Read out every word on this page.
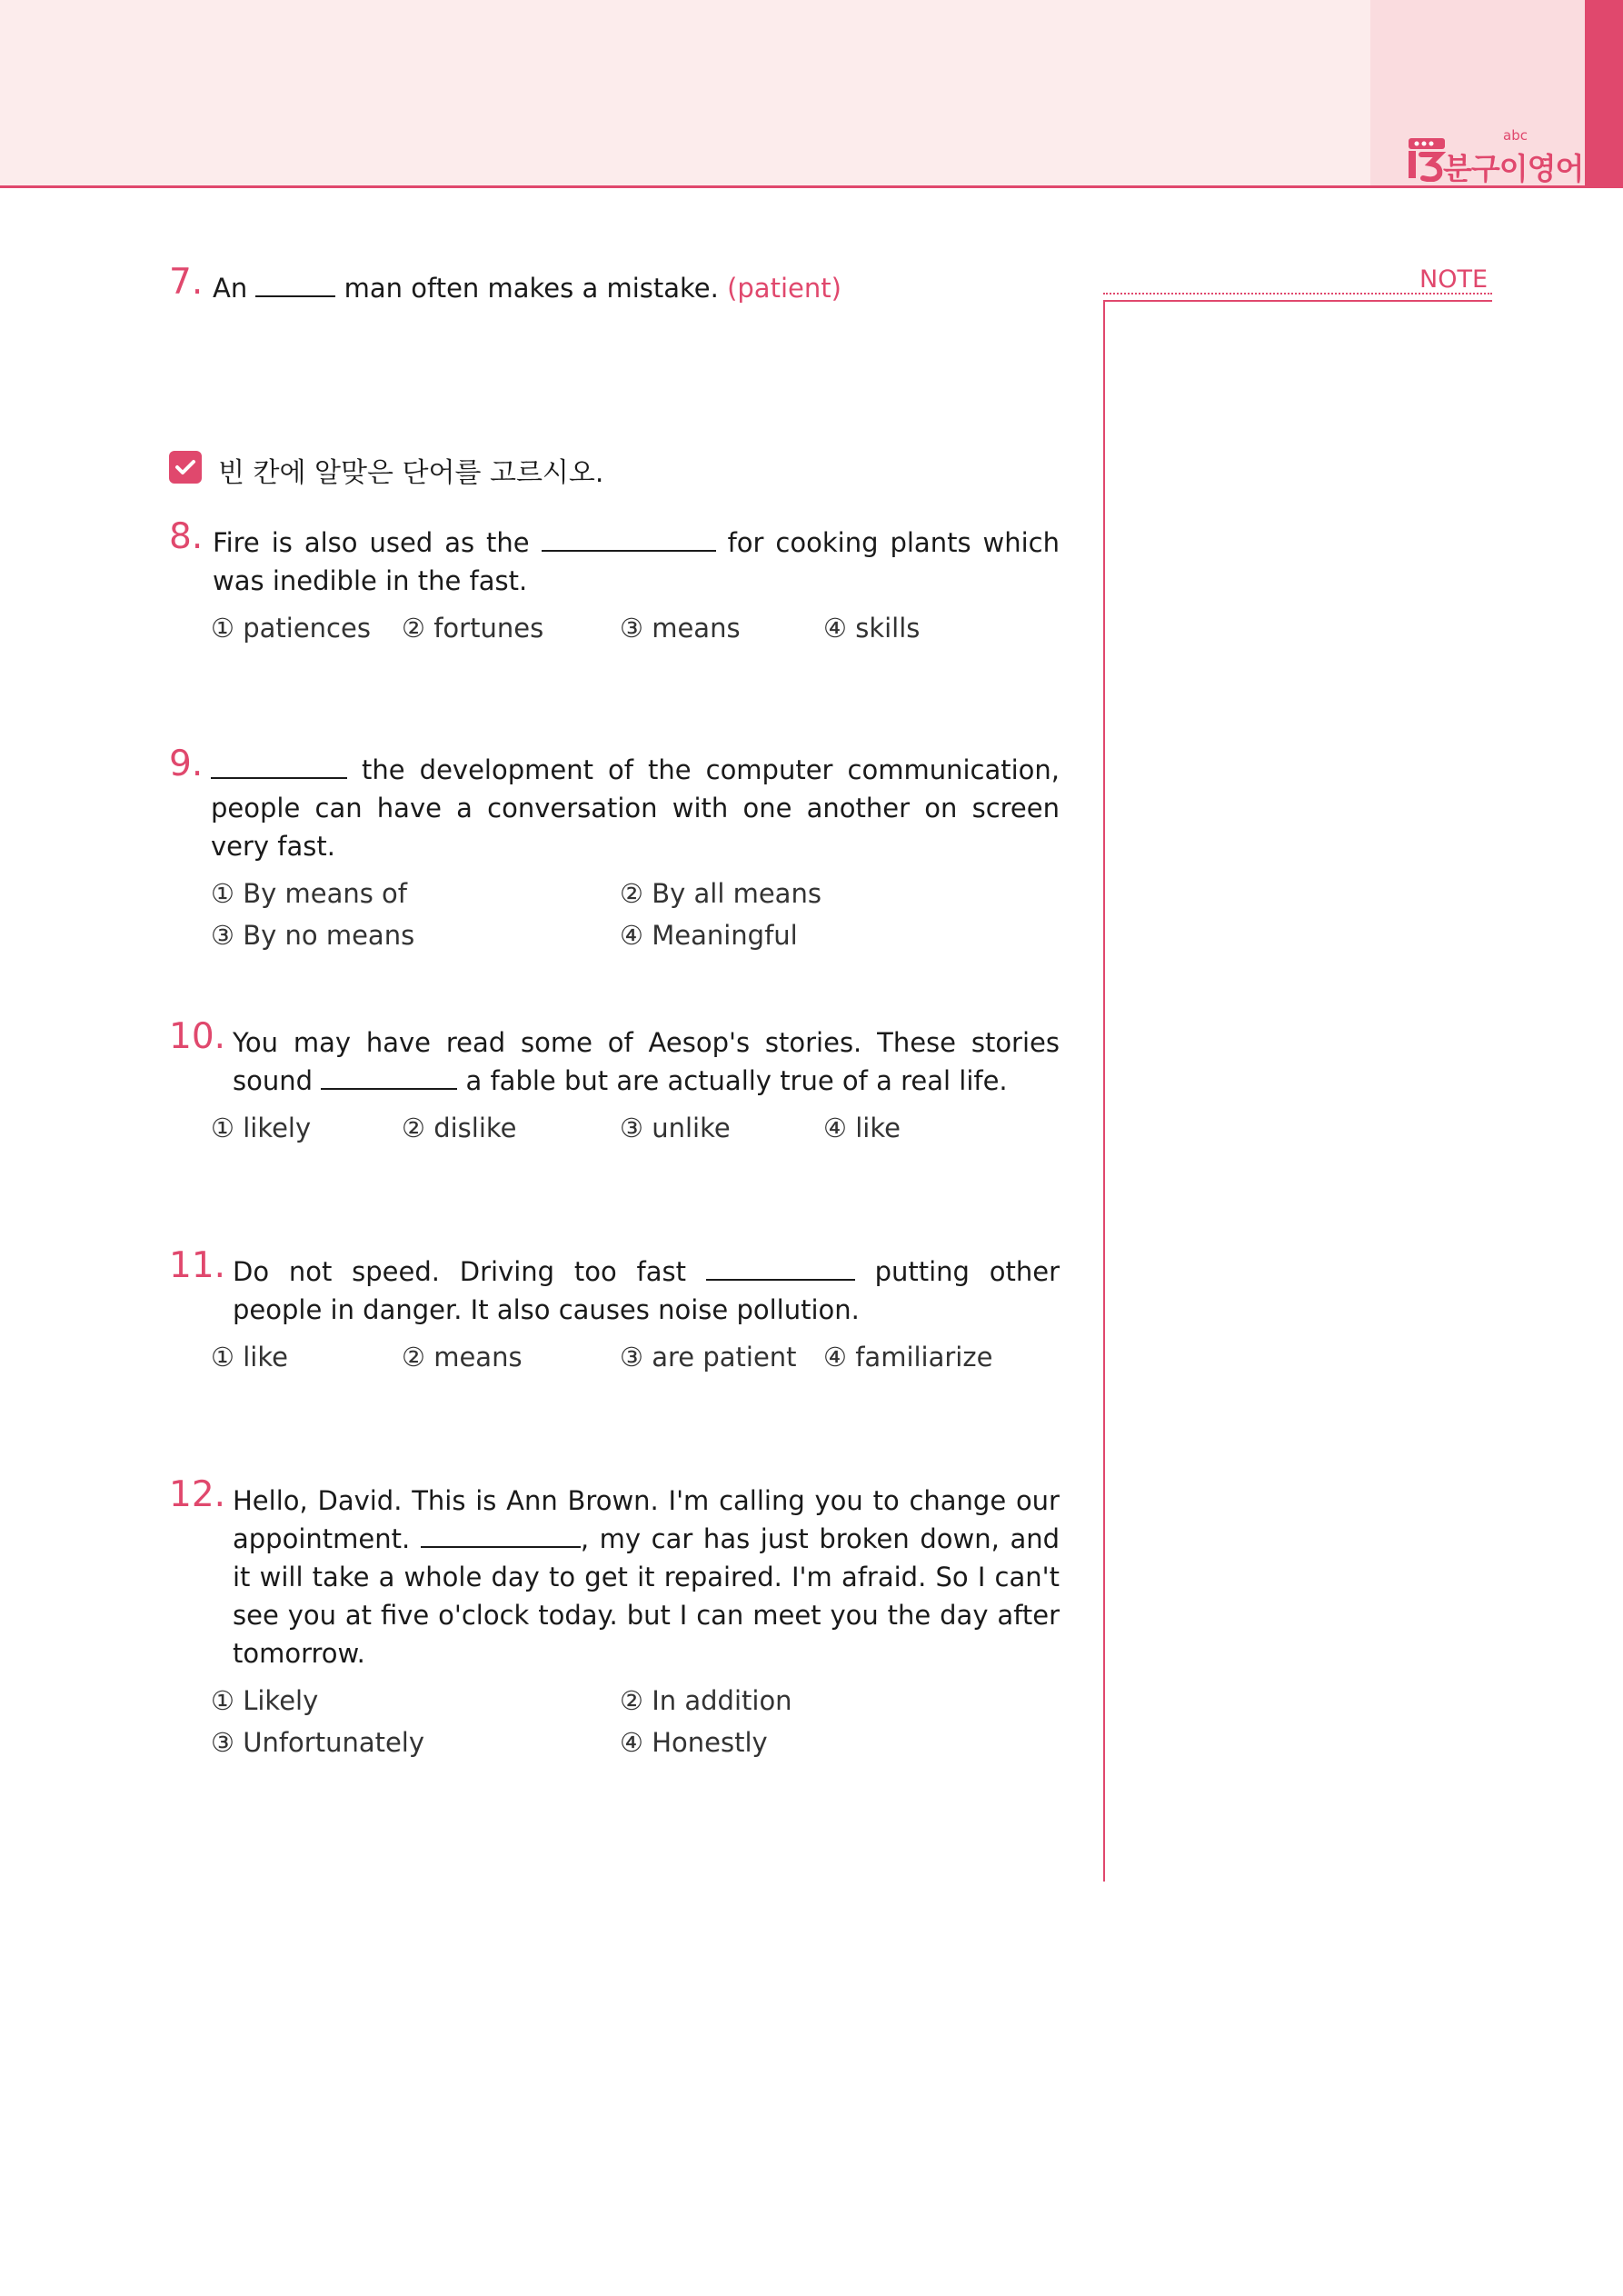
abc
분구이영어
NOTE
7. An	man often makes a mistake. (patient)
빈 칸에 알맞은 단어를 고르시오.
8. Fire is also used as the	for cooking plants which was inedible in the fast.
① patiences ② fortunes	③ means	④ skills
9.	the development of the computer communication, people can have a conversation with one another on screen very fast.
① By means of	② By all means
③ By no means	④ Meaningful
10. You may have read some of Aesop's stories. These stories sound	a fable but are actually true of a real life.
① likely	② dislike	③ unlike	④ like
11. Do not speed. Driving too fast	putting other people in danger. It also causes noise pollution.
① like	② means	③ are patient ④ familiarize
12. Hello, David. This is Ann Brown. I'm calling you to change our appointment.	, my car has just broken down, and it will take a whole day to get it repaired. I'm afraid. So I can't see you at five o'clock today. but I can meet you the day after tomorrow.
① Likely	② In addition
③ Unfortunately	④ Honestly
